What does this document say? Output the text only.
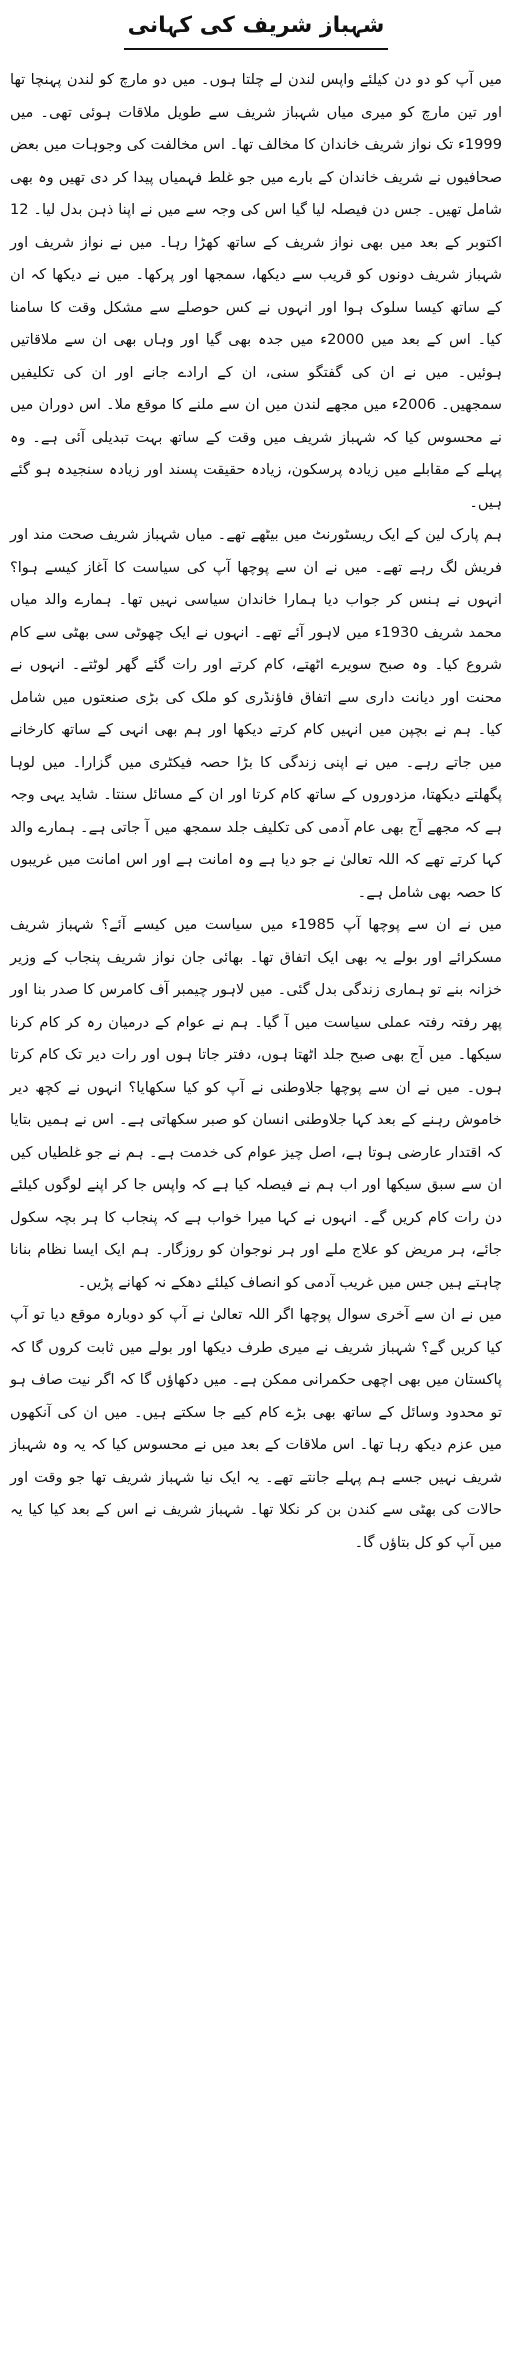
شہباز شریف کی کہانی

میں آپ کو دو دن کیلئے واپس لندن لے چلتا ہوں۔ میں دو مارچ کو لندن پہنچا تھا اور تین مارچ کو میری میاں شہباز شریف سے طویل ملاقات ہوئی تھی۔ میں 1999ء تک نواز شریف خاندان کا مخالف تھا۔ اس مخالفت کی وجوہات میں بعض صحافیوں نے شریف خاندان کے بارے میں جو غلط فہمیاں پیدا کر دی تھیں وہ بھی شامل تھیں۔ جس دن فیصلہ لیا گیا اس کی وجہ سے میں نے اپنا ذہن بدل لیا۔ 12 اکتوبر کے بعد میں بھی نواز شریف کے ساتھ کھڑا رہا۔ میں نے نواز شریف اور شہباز شریف دونوں کو قریب سے دیکھا، سمجھا اور پرکھا۔ میں نے دیکھا کہ ان کے ساتھ کیسا سلوک ہوا اور انہوں نے کس حوصلے سے مشکل وقت کا سامنا کیا۔ اس کے بعد میں 2000ء میں جدہ بھی گیا اور وہاں بھی ان سے ملاقاتیں ہوئیں۔ میں نے ان کی گفتگو سنی، ان کے ارادے جانے اور ان کی تکلیفیں سمجھیں۔ 2006ء میں مجھے لندن میں ان سے ملنے کا موقع ملا۔ اس دوران میں نے محسوس کیا کہ شہباز شریف میں وقت کے ساتھ بہت تبدیلی آئی ہے۔ وہ پہلے کے مقابلے میں زیادہ پرسکون، زیادہ حقیقت پسند اور زیادہ سنجیدہ ہو گئے ہیں۔

ہم پارک لین کے ایک ریسٹورنٹ میں بیٹھے تھے۔ میاں شہباز شریف صحت مند اور فریش لگ رہے تھے۔ میں نے ان سے پوچھا آپ کی سیاست کا آغاز کیسے ہوا؟ انہوں نے ہنس کر جواب دیا ہمارا خاندان سیاسی نہیں تھا۔ ہمارے والد میاں محمد شریف 1930ء میں لاہور آئے تھے۔ انہوں نے ایک چھوٹی سی بھٹی سے کام شروع کیا۔ وہ صبح سویرے اٹھتے، کام کرتے اور رات گئے گھر لوٹتے۔ انہوں نے محنت اور دیانت داری سے اتفاق فاؤنڈری کو ملک کی بڑی صنعتوں میں شامل کیا۔ ہم نے بچپن میں انہیں کام کرتے دیکھا اور ہم بھی انہی کے ساتھ کارخانے میں جاتے رہے۔ میں نے اپنی زندگی کا بڑا حصہ فیکٹری میں گزارا۔ میں لوہا پگھلتے دیکھتا، مزدوروں کے ساتھ کام کرتا اور ان کے مسائل سنتا۔ شاید یہی وجہ ہے کہ مجھے آج بھی عام آدمی کی تکلیف جلد سمجھ میں آ جاتی ہے۔ ہمارے والد کہا کرتے تھے کہ اللہ تعالیٰ نے جو دیا ہے وہ امانت ہے اور اس امانت میں غریبوں کا حصہ بھی شامل ہے۔

میں نے ان سے پوچھا آپ 1985ء میں سیاست میں کیسے آئے؟ شہباز شریف مسکرائے اور بولے یہ بھی ایک اتفاق تھا۔ بھائی جان نواز شریف پنجاب کے وزیر خزانہ بنے تو ہماری زندگی بدل گئی۔ میں لاہور چیمبر آف کامرس کا صدر بنا اور پھر رفتہ رفتہ عملی سیاست میں آ گیا۔ ہم نے عوام کے درمیان رہ کر کام کرنا سیکھا۔ میں آج بھی صبح جلد اٹھتا ہوں، دفتر جاتا ہوں اور رات دیر تک کام کرتا ہوں۔ میں نے ان سے پوچھا جلاوطنی نے آپ کو کیا سکھایا؟ انہوں نے کچھ دیر خاموش رہنے کے بعد کہا جلاوطنی انسان کو صبر سکھاتی ہے۔ اس نے ہمیں بتایا کہ اقتدار عارضی ہوتا ہے، اصل چیز عوام کی خدمت ہے۔ ہم نے جو غلطیاں کیں ان سے سبق سیکھا اور اب ہم نے فیصلہ کیا ہے کہ واپس جا کر اپنے لوگوں کیلئے دن رات کام کریں گے۔ انہوں نے کہا میرا خواب ہے کہ پنجاب کا ہر بچہ سکول جائے، ہر مریض کو علاج ملے اور ہر نوجوان کو روزگار۔ ہم ایک ایسا نظام بنانا چاہتے ہیں جس میں غریب آدمی کو انصاف کیلئے دھکے نہ کھانے پڑیں۔

میں نے ان سے آخری سوال پوچھا اگر اللہ تعالیٰ نے آپ کو دوبارہ موقع دیا تو آپ کیا کریں گے؟ شہباز شریف نے میری طرف دیکھا اور بولے میں ثابت کروں گا کہ پاکستان میں بھی اچھی حکمرانی ممکن ہے۔ میں دکھاؤں گا کہ اگر نیت صاف ہو تو محدود وسائل کے ساتھ بھی بڑے کام کیے جا سکتے ہیں۔ میں ان کی آنکھوں میں عزم دیکھ رہا تھا۔ اس ملاقات کے بعد میں نے محسوس کیا کہ یہ وہ شہباز شریف نہیں جسے ہم پہلے جانتے تھے۔ یہ ایک نیا شہباز شریف تھا جو وقت اور حالات کی بھٹی سے کندن بن کر نکلا تھا۔ شہباز شریف نے اس کے بعد کیا کیا یہ میں آپ کو کل بتاؤں گا۔
